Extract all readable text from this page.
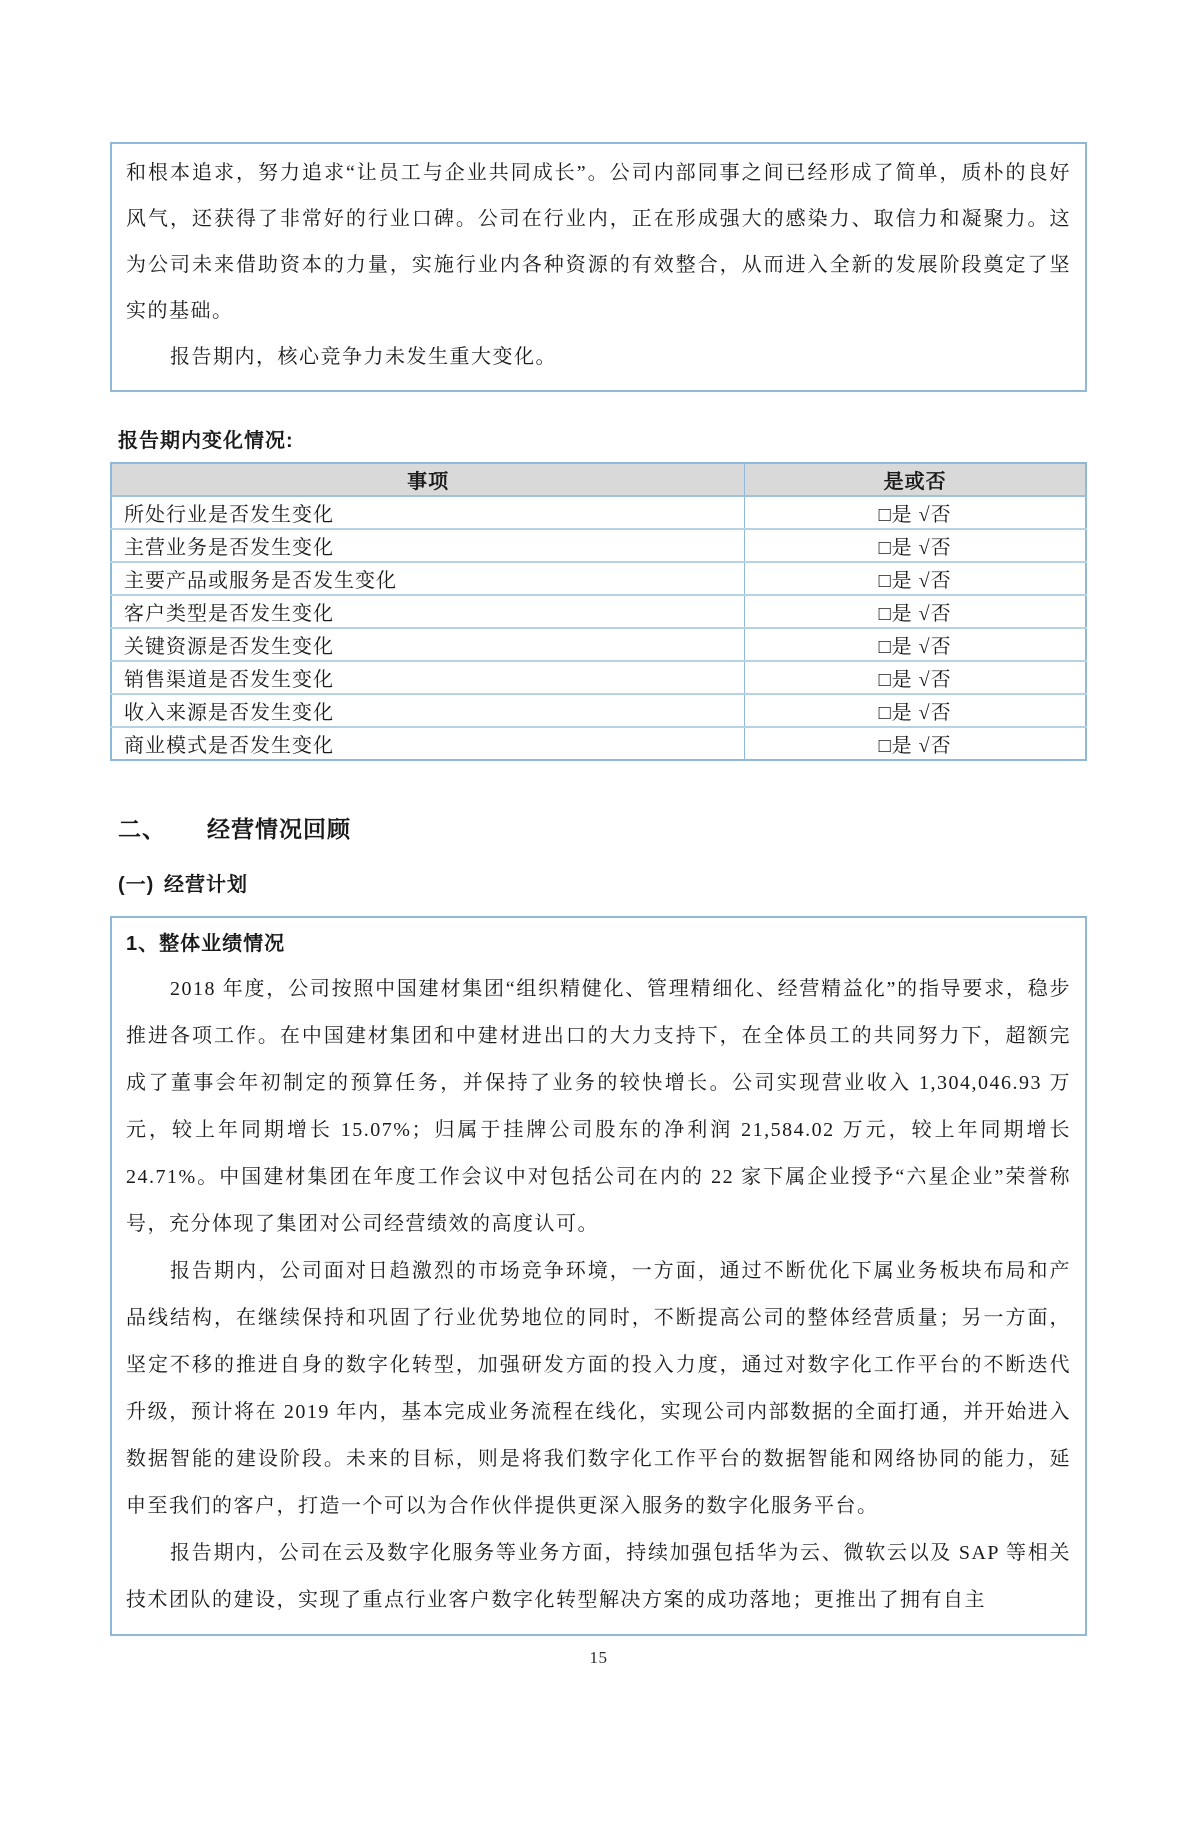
和根本追求，努力追求“让员工与企业共同成长”。公司内部同事之间已经形成了简单，质朴的良好风气，还获得了非常好的行业口碑。公司在行业内，正在形成强大的感染力、取信力和凝聚力。这为公司未来借助资本的力量，实施行业内各种资源的有效整合，从而进入全新的发展阶段奠定了坚实的基础。

报告期内，核心竞争力未发生重大变化。

报告期内变化情况:
事项	是或否
所处行业是否发生变化	□是 √否
主营业务是否发生变化	□是 √否
主要产品或服务是否发生变化	□是 √否
客户类型是否发生变化	□是 √否
关键资源是否发生变化	□是 √否
销售渠道是否发生变化	□是 √否
收入来源是否发生变化	□是 √否
商业模式是否发生变化	□是 √否
二、	经营情况回顾
(一) 经营计划
1、整体业绩情况

2018 年度，公司按照中国建材集团“组织精健化、管理精细化、经营精益化”的指导要求，稳步推进各项工作。在中国建材集团和中建材进出口的大力支持下，在全体员工的共同努力下，超额完成了董事会年初制定的预算任务，并保持了业务的较快增长。公司实现营业收入 1,304,046.93 万元，较上年同期增长 15.07%；归属于挂牌公司股东的净利润 21,584.02 万元，较上年同期增长 24.71%。中国建材集团在年度工作会议中对包括公司在内的 22 家下属企业授予“六星企业”荣誉称号，充分体现了集团对公司经营绩效的高度认可。

报告期内，公司面对日趋激烈的市场竞争环境，一方面，通过不断优化下属业务板块布局和产品线结构，在继续保持和巩固了行业优势地位的同时，不断提高公司的整体经营质量；另一方面，坚定不移的推进自身的数字化转型，加强研发方面的投入力度，通过对数字化工作平台的不断迭代升级，预计将在 2019 年内，基本完成业务流程在线化，实现公司内部数据的全面打通，并开始进入数据智能的建设阶段。未来的目标，则是将我们数字化工作平台的数据智能和网络协同的能力，延申至我们的客户，打造一个可以为合作伙伴提供更深入服务的数字化服务平台。

报告期内，公司在云及数字化服务等业务方面，持续加强包括华为云、微软云以及 SAP 等相关技术团队的建设，实现了重点行业客户数字化转型解决方案的成功落地；更推出了拥有自主

15
